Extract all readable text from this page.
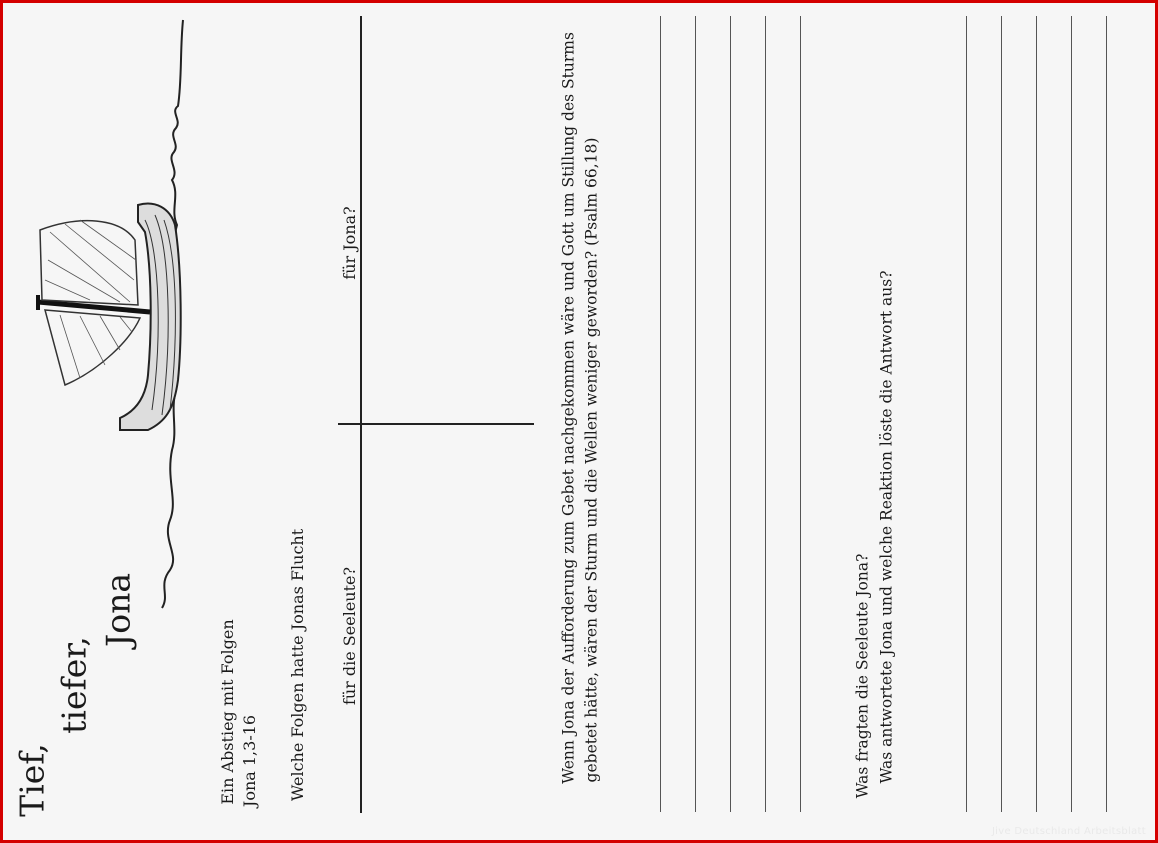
Tief,
tiefer,
Jona
Ein Abstieg mit Folgen Jona 1,3-16 Welche Folgen hatte Jonas Flucht für die Seeleute?
für Jona?	Wenn Jona der Aufforderung zum Gebet nachgekommen wäre und Gott um Stillung des Sturms gebetet hätte, wären der Sturm und die Wellen weniger geworden? (Psalm 66,18)	Was fragten die Seeleute Jona? Was antwortete Jona und welche Reaktion löste die Antwort aus?
Jive Deutschland Arbeitsblatt
